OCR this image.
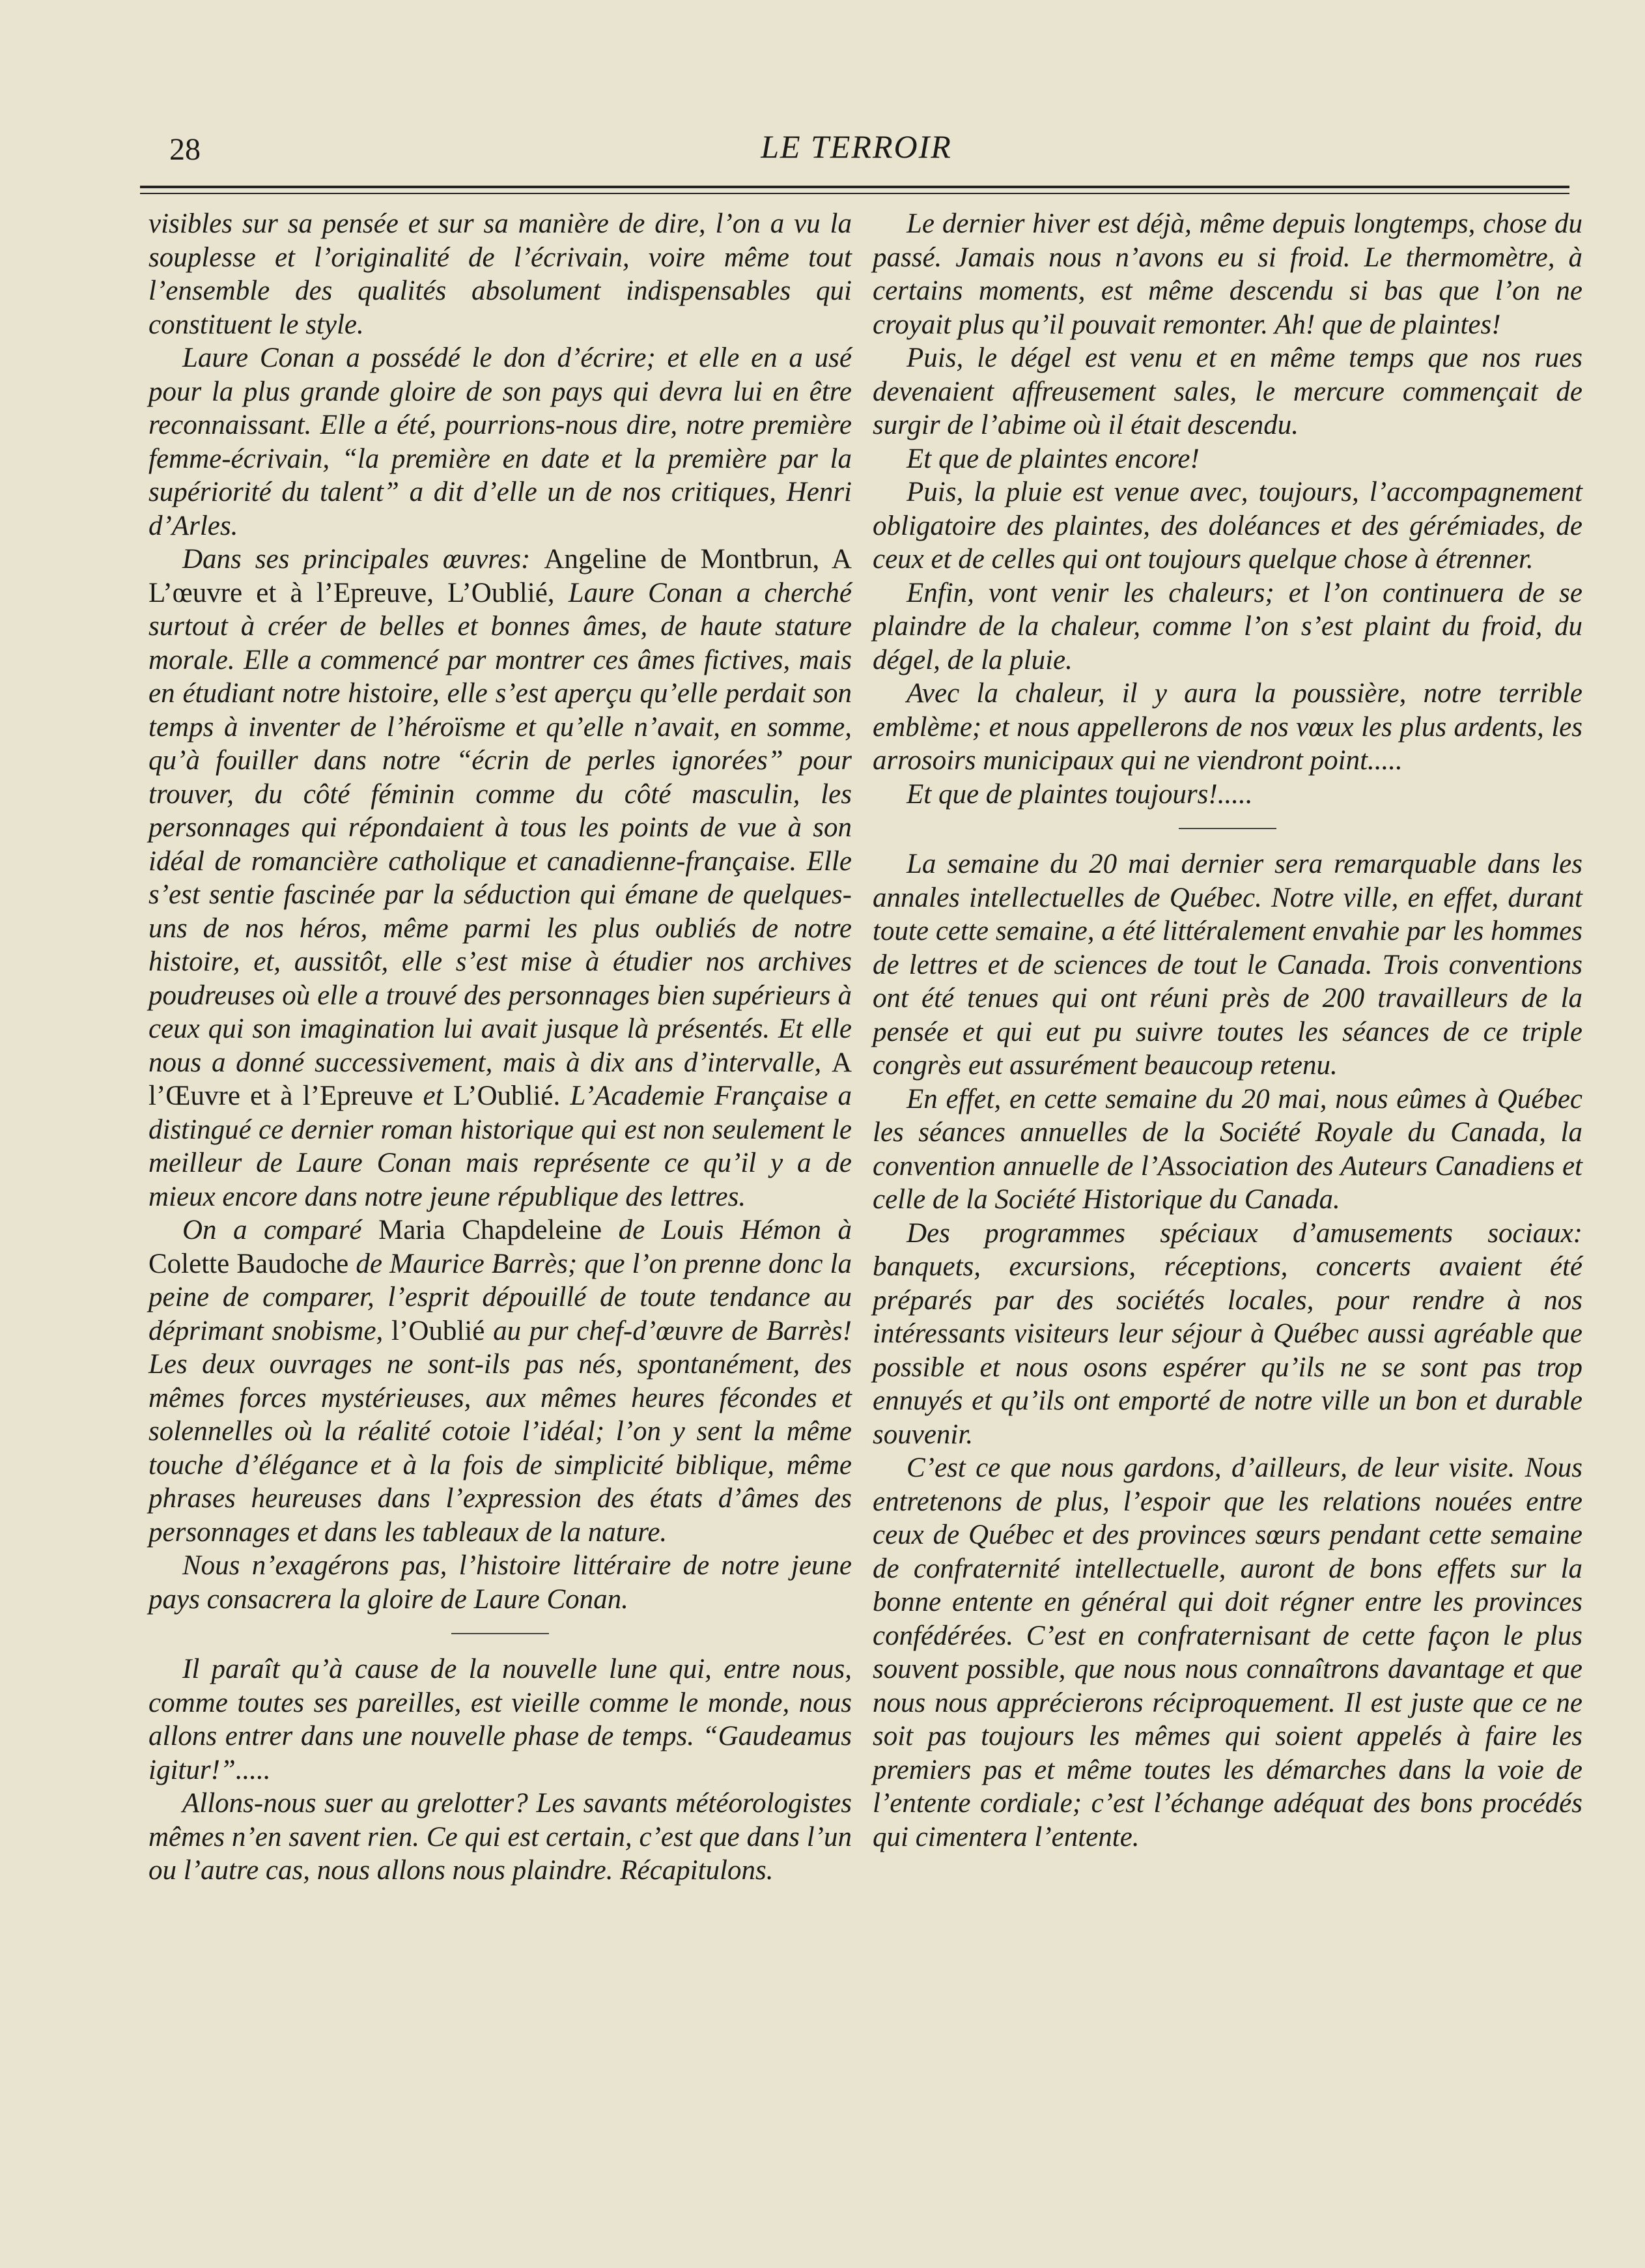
28	LE TERROIR

visibles sur sa pensée et sur sa manière de dire, l’on a vu la souplesse et l’originalité de l’écrivain, voire même tout l’ensemble des qualités absolument indispensables qui constituent le style.

Laure Conan a possédé le don d’écrire; et elle en a usé pour la plus grande gloire de son pays qui devra lui en être reconnaissant. Elle a été, pourrions-nous dire, notre première femme-écrivain, “la première en date et la première par la supériorité du talent” a dit d’elle un de nos critiques, Henri d’Arles.

Dans ses principales œuvres: Angeline de Montbrun, A L’œuvre et à l’Epreuve, L’Oublié, Laure Conan a cherché surtout à créer de belles et bonnes âmes, de haute stature morale. Elle a commencé par montrer ces âmes fictives, mais en étudiant notre histoire, elle s’est aperçu qu’elle perdait son temps à inventer de l’héroïsme et qu’elle n’avait, en somme, qu’à fouiller dans notre “écrin de perles ignorées” pour trouver, du côté féminin comme du côté masculin, les personnages qui répondaient à tous les points de vue à son idéal de romancière catholique et canadienne-française. Elle s’est sentie fascinée par la séduction qui émane de quelques-uns de nos héros, même parmi les plus oubliés de notre histoire, et, aussitôt, elle s’est mise à étudier nos archives poudreuses où elle a trouvé des personnages bien supérieurs à ceux qui son imagination lui avait jusque là présentés. Et elle nous a donné successivement, mais à dix ans d’intervalle, A l’Œuvre et à l’Epreuve et L’Oublié. L’Academie Française a distingué ce dernier roman historique qui est non seulement le meilleur de Laure Conan mais représente ce qu’il y a de mieux encore dans notre jeune république des lettres.

On a comparé Maria Chapdeleine de Louis Hémon à Colette Baudoche de Maurice Barrès; que l’on prenne donc la peine de comparer, l’esprit dépouillé de toute tendance au déprimant snobisme, l’Oublié au pur chef-d’œuvre de Barrès! Les deux ouvrages ne sont-ils pas nés, spontanément, des mêmes forces mystérieuses, aux mêmes heures fécondes et solennelles où la réalité cotoie l’idéal; l’on y sent la même touche d’élégance et à la fois de simplicité biblique, même phrases heureuses dans l’expression des états d’âmes des personnages et dans les tableaux de la nature.

Nous n’exagérons pas, l’histoire littéraire de notre jeune pays consacrera la gloire de Laure Conan.

Il paraît qu’à cause de la nouvelle lune qui, entre nous, comme toutes ses pareilles, est vieille comme le monde, nous allons entrer dans une nouvelle phase de temps. “Gaudeamus igitur!”.....

Allons-nous suer au grelotter? Les savants météorologistes mêmes n’en savent rien. Ce qui est certain, c’est que dans l’un ou l’autre cas, nous allons nous plaindre. Récapitulons.

Le dernier hiver est déjà, même depuis longtemps, chose du passé. Jamais nous n’avons eu si froid. Le thermomètre, à certains moments, est même descendu si bas que l’on ne croyait plus qu’il pouvait remonter. Ah! que de plaintes!

Puis, le dégel est venu et en même temps que nos rues devenaient affreusement sales, le mercure commençait de surgir de l’abime où il était descendu.

Et que de plaintes encore!

Puis, la pluie est venue avec, toujours, l’accompagnement obligatoire des plaintes, des doléances et des gérémiades, de ceux et de celles qui ont toujours quelque chose à étrenner.

Enfin, vont venir les chaleurs; et l’on continuera de se plaindre de la chaleur, comme l’on s’est plaint du froid, du dégel, de la pluie.

Avec la chaleur, il y aura la poussière, notre terrible emblème; et nous appellerons de nos vœux les plus ardents, les arrosoirs municipaux qui ne viendront point.....

Et que de plaintes toujours!.....

La semaine du 20 mai dernier sera remarquable dans les annales intellectuelles de Québec. Notre ville, en effet, durant toute cette semaine, a été littéralement envahie par les hommes de lettres et de sciences de tout le Canada. Trois conventions ont été tenues qui ont réuni près de 200 travailleurs de la pensée et qui eut pu suivre toutes les séances de ce triple congrès eut assurément beaucoup retenu.

En effet, en cette semaine du 20 mai, nous eûmes à Québec les séances annuelles de la Société Royale du Canada, la convention annuelle de l’Association des Auteurs Canadiens et celle de la Société Historique du Canada.

Des programmes spéciaux d’amusements sociaux: banquets, excursions, réceptions, concerts avaient été préparés par des sociétés locales, pour rendre à nos intéressants visiteurs leur séjour à Québec aussi agréable que possible et nous osons espérer qu’ils ne se sont pas trop ennuyés et qu’ils ont emporté de notre ville un bon et durable souvenir.

C’est ce que nous gardons, d’ailleurs, de leur visite. Nous entretenons de plus, l’espoir que les relations nouées entre ceux de Québec et des provinces sœurs pendant cette semaine de confraternité intellectuelle, auront de bons effets sur la bonne entente en général qui doit régner entre les provinces confédérées. C’est en confraternisant de cette façon le plus souvent possible, que nous nous connaîtrons davantage et que nous nous apprécierons réciproquement. Il est juste que ce ne soit pas toujours les mêmes qui soient appelés à faire les premiers pas et même toutes les démarches dans la voie de l’entente cordiale; c’est l’échange adéquat des bons procédés qui cimentera l’entente.
